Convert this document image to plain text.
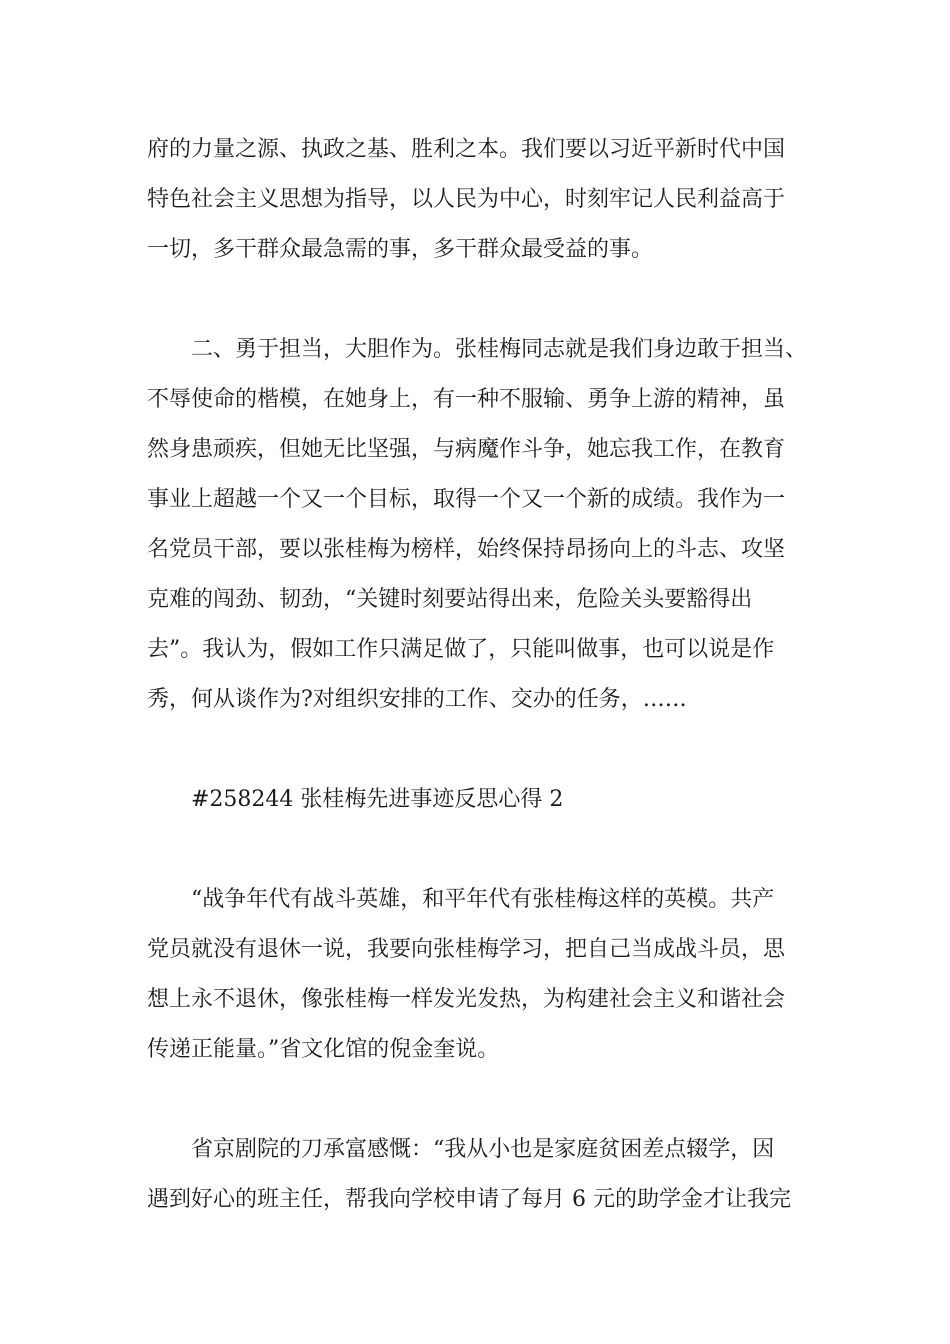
府的力量之源、执政之基、胜利之本。我们要以习近平新时代中国

特色社会主义思想为指导，以人民为中心，时刻牢记人民利益高于

一切，多干群众最急需的事，多干群众最受益的事。

　　二、勇于担当，大胆作为。张桂梅同志就是我们身边敢于担当、

不辱使命的楷模，在她身上，有一种不服输、勇争上游的精神，虽

然身患顽疾，但她无比坚强，与病魔作斗争，她忘我工作，在教育

事业上超越一个又一个目标，取得一个又一个新的成绩。我作为一

名党员干部，要以张桂梅为榜样，始终保持昂扬向上的斗志、攻坚

克难的闯劲、韧劲，“关键时刻要站得出来，危险关头要豁得出

去”。我认为，假如工作只满足做了，只能叫做事，也可以说是作

秀，何从谈作为?对组织安排的工作、交办的任务，……

　　#258244 张桂梅先进事迹反思心得 2

　　“战争年代有战斗英雄，和平年代有张桂梅这样的英模。共产

党员就没有退休一说，我要向张桂梅学习，把自己当成战斗员，思

想上永不退休，像张桂梅一样发光发热，为构建社会主义和谐社会

传递正能量。”省文化馆的倪金奎说。

　　省京剧院的刀承富感慨：“我从小也是家庭贫困差点辍学，因

遇到好心的班主任，帮我向学校申请了每月 6 元的助学金才让我完
